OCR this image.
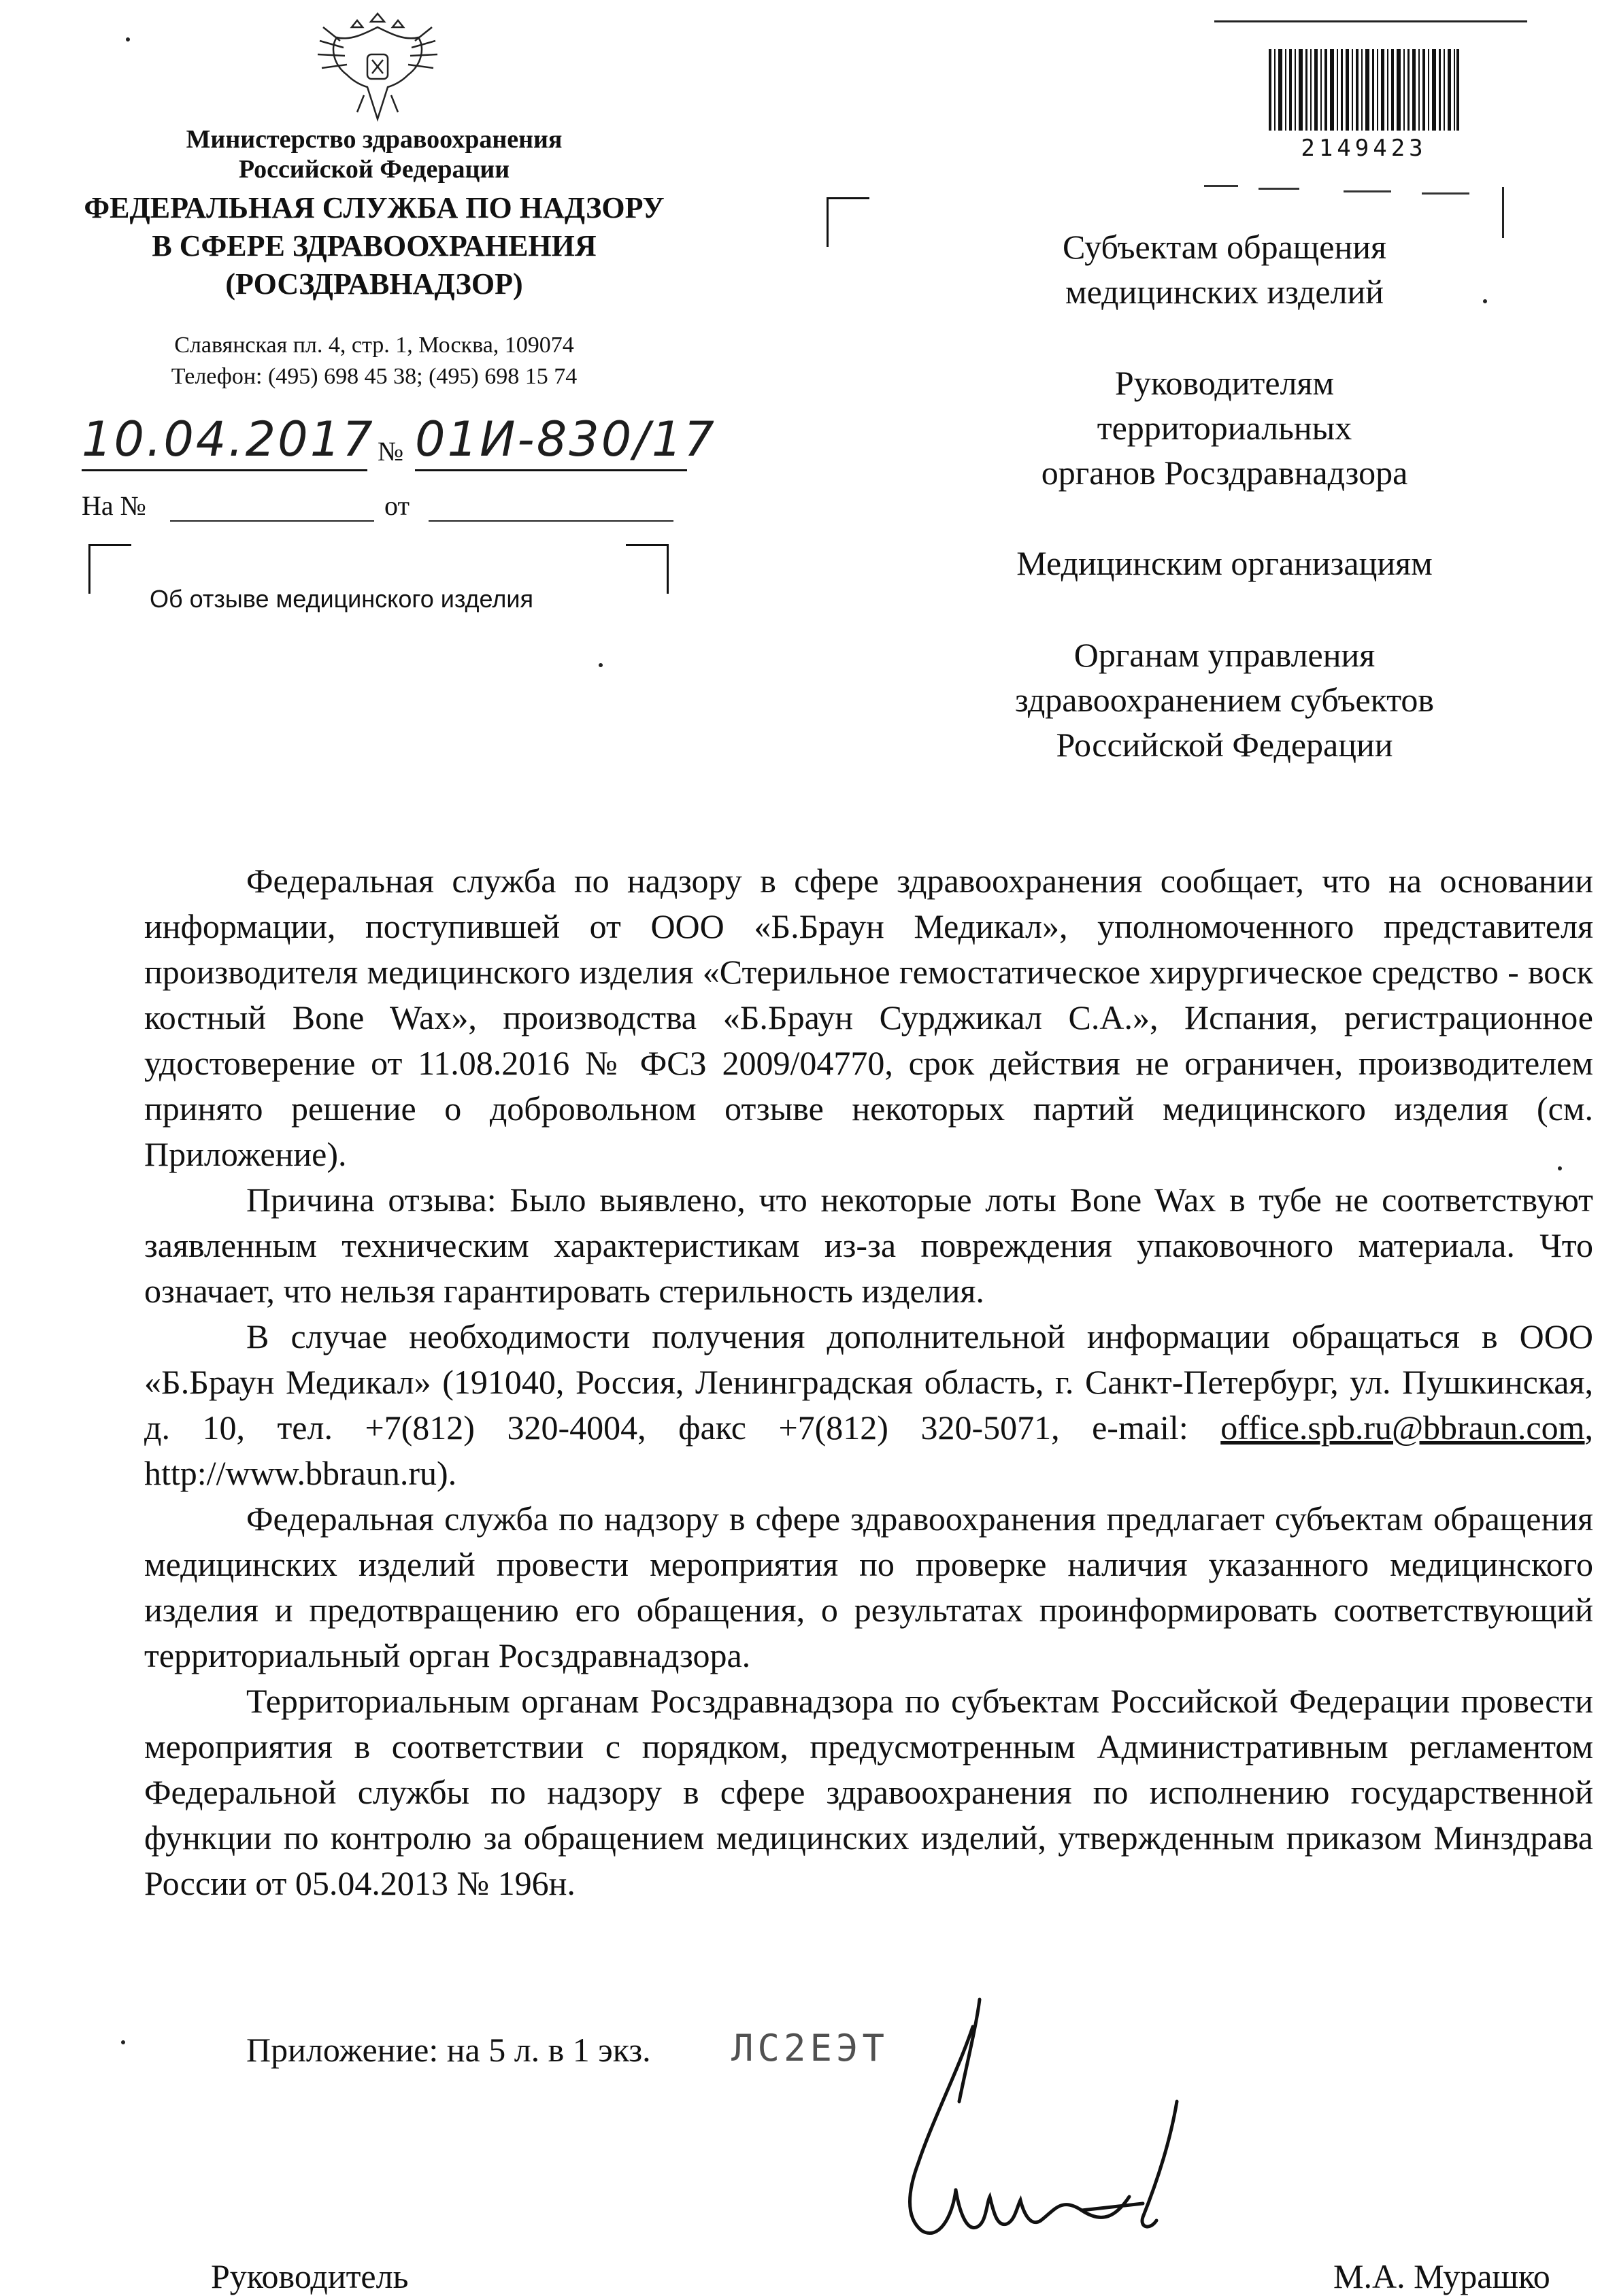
Министерство здравоохранения
Российской Федерации
ФЕДЕРАЛЬНАЯ СЛУЖБА ПО НАДЗОРУ
В СФЕРЕ ЗДРАВООХРАНЕНИЯ
(РОСЗДРАВНАДЗОР)
Славянская пл. 4, стр. 1, Москва, 109074
Телефон: (495) 698 45 38; (495) 698 15 74
10.04.2017 № 01И-830/17
На №	от
Об отзыве медицинского изделия
2149423
Субъектам обращения
медицинских изделий
Руководителям
территориальных
органов Росздравнадзора
Медицинским организациям
Органам управления
здравоохранением субъектов
Российской Федерации

Федеральная служба по надзору в сфере здравоохранения сообщает, что на основании информации, поступившей от ООО «Б.Браун Медикал», уполномоченного представителя производителя медицинского изделия «Стерильное гемостатическое хирургическое средство - воск костный Bone Wax», производства «Б.Браун Сурджикал С.А.», Испания, регистрационное удостоверение от 11.08.2016 № ФСЗ 2009/04770, срок действия не ограничен, производителем принято решение о добровольном отзыве некоторых партий медицинского изделия (см. Приложение).

Причина отзыва: Было выявлено, что некоторые лоты Bone Wax в тубе не соответствуют заявленным техническим характеристикам из-за повреждения упаковочного материала. Что означает, что нельзя гарантировать стерильность изделия.

В случае необходимости получения дополнительной информации обращаться в ООО «Б.Браун Медикал» (191040, Россия, Ленинградская область, г. Санкт-Петербург, ул. Пушкинская, д. 10, тел. +7(812) 320-4004, факс +7(812) 320-5071, e-mail: office.spb.ru@bbraun.com, http://www.bbraun.ru).

Федеральная служба по надзору в сфере здравоохранения предлагает субъектам обращения медицинских изделий провести мероприятия по проверке наличия указанного медицинского изделия и предотвращению его обращения, о результатах проинформировать соответствующий территориальный орган Росздравнадзора.

Территориальным органам Росздравнадзора по субъектам Российской Федерации провести мероприятия в соответствии с порядком, предусмотренным Административным регламентом Федеральной службы по надзору в сфере здравоохранения по исполнению государственной функции по контролю за обращением медицинских изделий, утвержденным приказом Минздрава России от 05.04.2013 № 196н.

Приложение: на 5 л. в 1 экз. ЛС2ЕЭТ
Руководитель	М.А. Мурашко
